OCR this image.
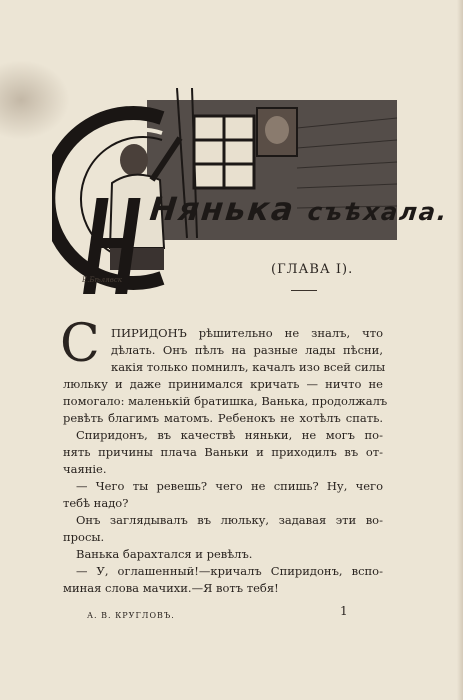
Нянька съѣхала.
Е.Бѣлявск
(ГЛАВА I).
С ПИРИДОНЪ рѣшительно не зналъ, что
дѣлать. Онъ пѣлъ на разные лады пѣсни,
какія только помнилъ, качалъ изо всей силы
люльку и даже принимался кричать — ничто не
помогало: маленькій братишка, Ванька, продолжалъ
ревѣть благимъ матомъ. Ребенокъ не хотѣлъ спать.
Спиридонъ, въ качествѣ няньки, не могъ по-
нять причины плача Ваньки и приходилъ въ от-
чаяніе.
— Чего ты ревешь? чего не спишь? Ну, чего
тебѣ надо?
Онъ заглядывалъ въ люльку, задавая эти во-
просы.
Ванька барахтался и ревѣлъ.
— У, оглашенный!—кричалъ Спиридонъ, вспо-
миная слова мачихи.—Я вотъ тебя!
А. В. КРУГЛОВЪ.	1
